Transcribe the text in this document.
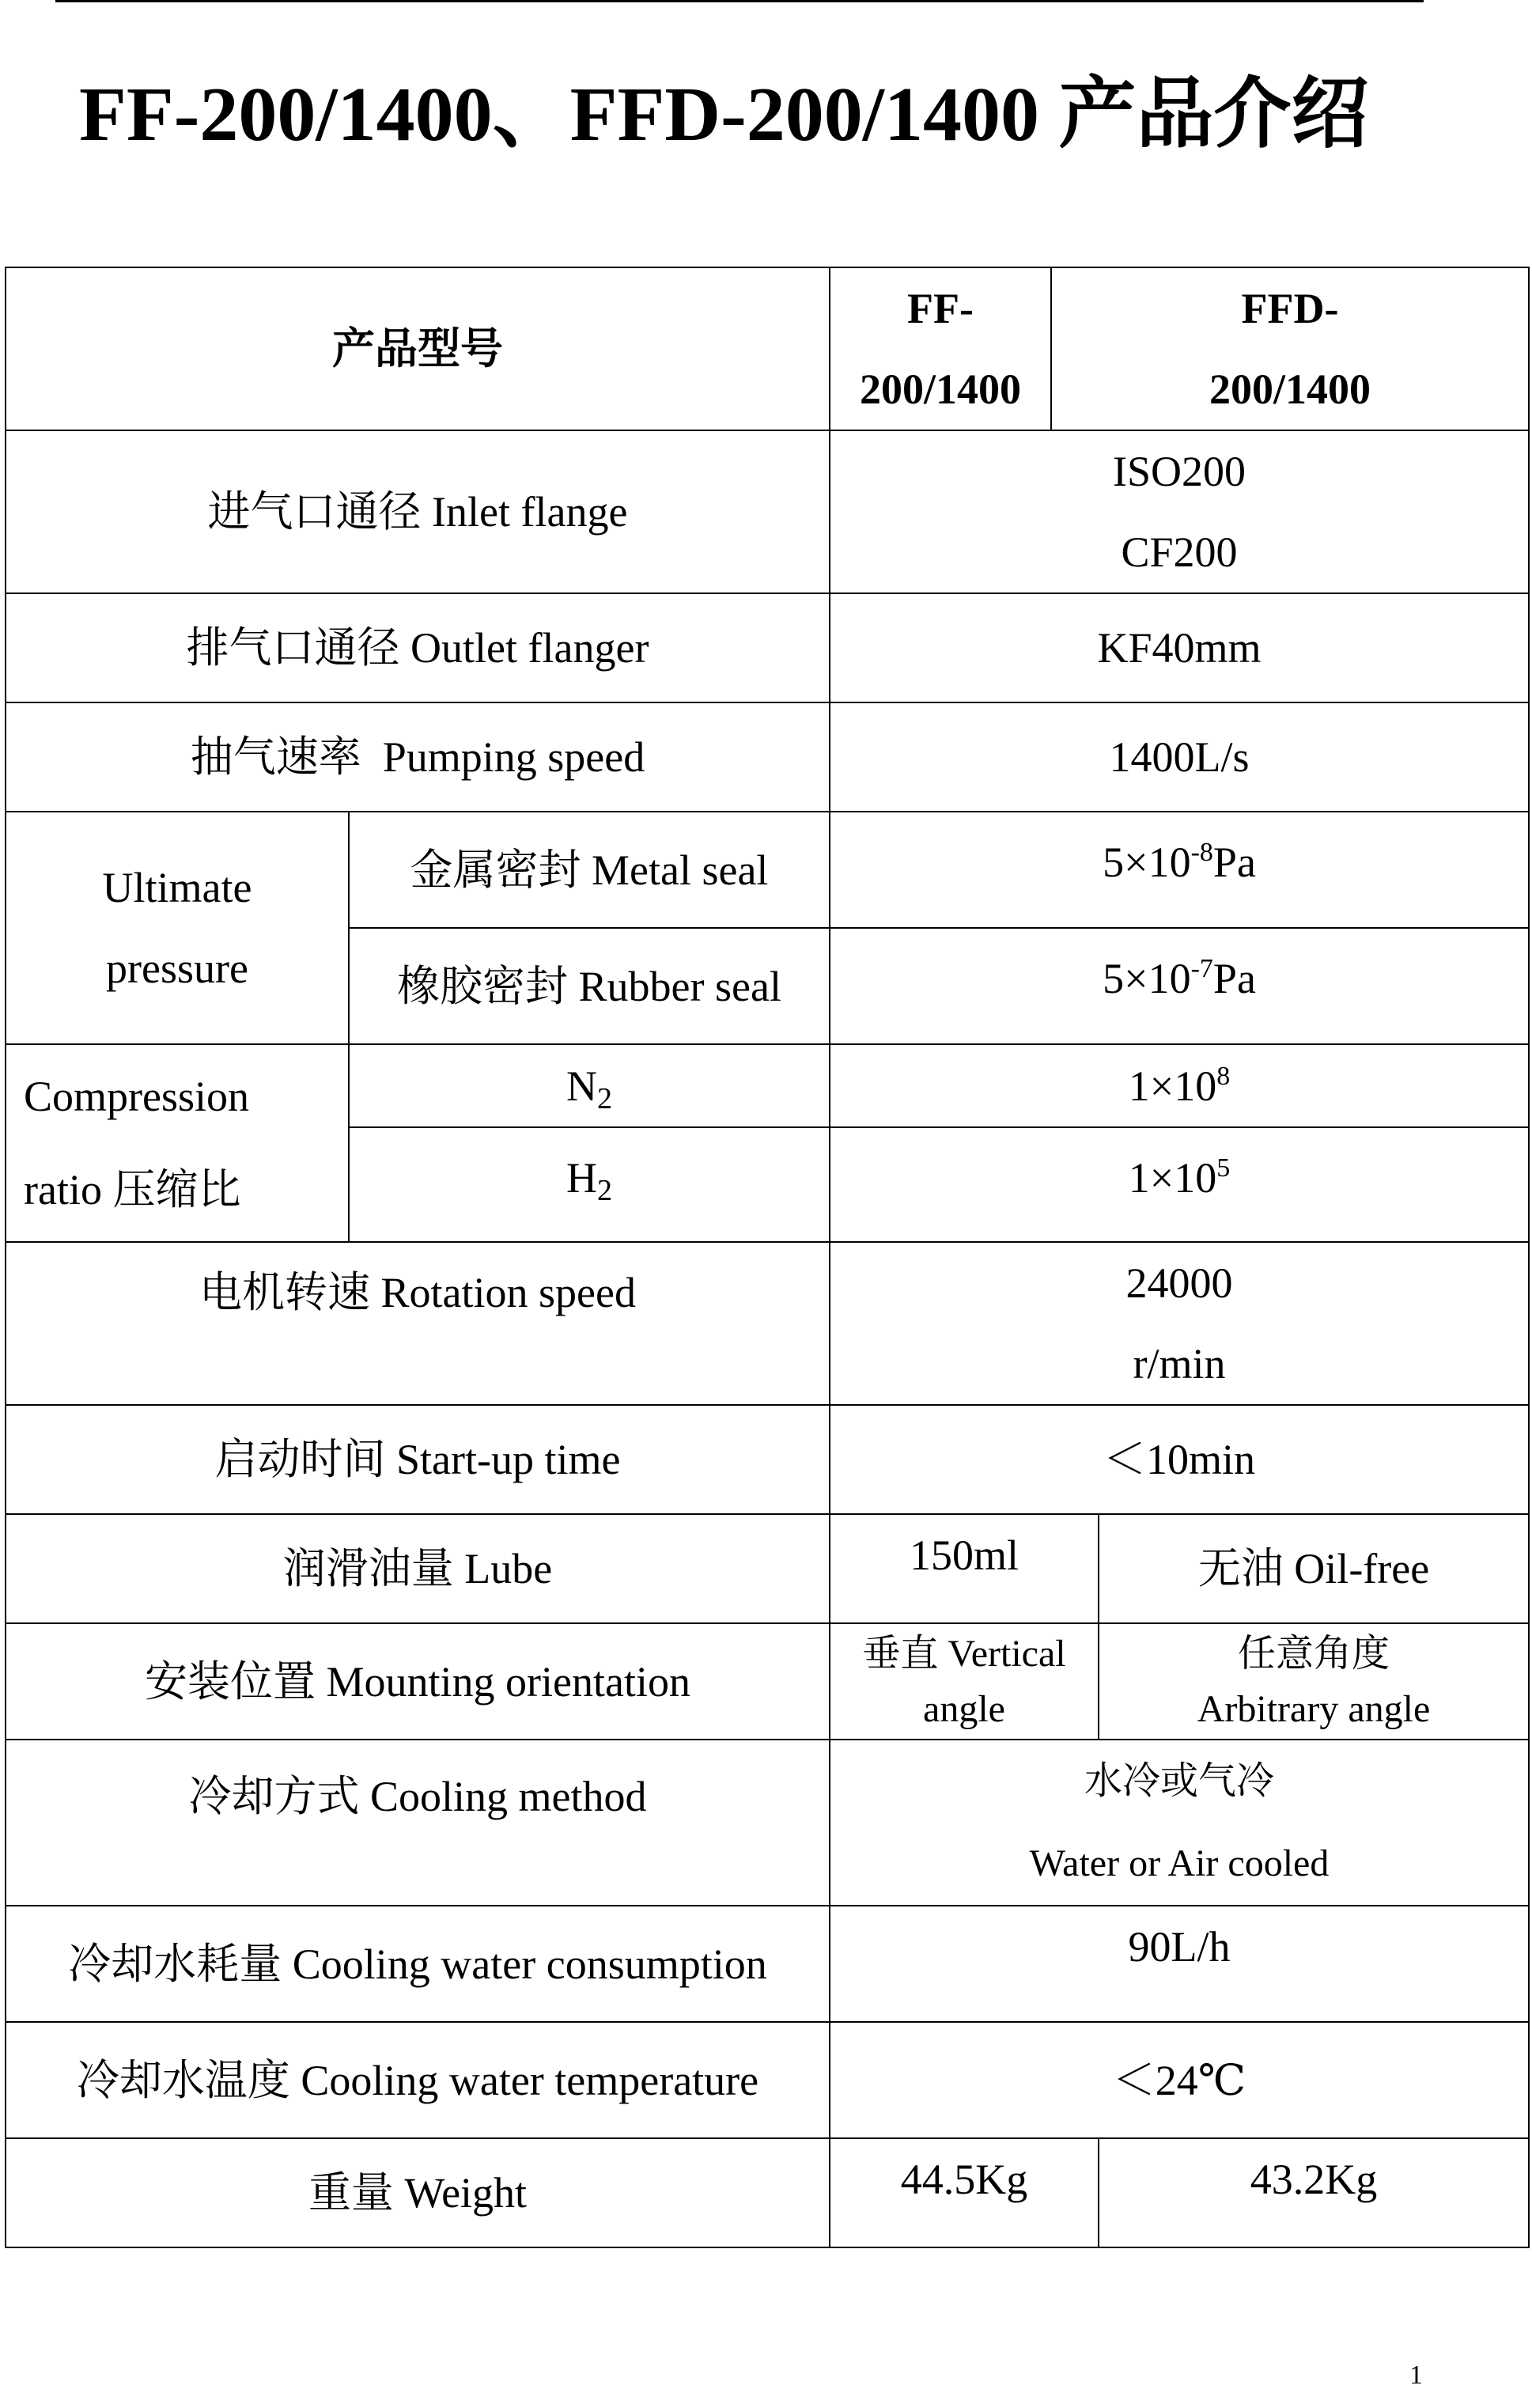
FF-200/1400、FFD-200/1400 产品介绍
产品型号		FF-
200/1400	FFD-
200/1400	

进气口通径 Inlet flange		ISO200
CF200		

排气口通径 Outlet flanger		KF40mm		
抽气速率  Pumping speed		1400L/s		

Ultimate
pressure	金属密封 Metal seal	$5\times 10^{-8}Pa$		
	橡胶密封 Rubber seal	$5\times 10^{-7}Pa$		

Compression
ratio 压缩比	$N_2$	$1\times 10^8$
	$H_2$	$1\times 10^5$
电机转速 Rotation speed		24000
r/min		

启动时间 Start-up time		＜10min		
润滑油量 Lube		150ml		无油 Oil-free
安装位置 Mounting orientation		垂直 Vertical
angle		任意角度
Arbitrary angle

冷却方式 Cooling method		水冷或气冷
Water or Air cooled		

冷却水耗量 Cooling water consumption		90L/h		
冷却水温度 Cooling water temperature		＜24℃		
重量 Weight		44.5Kg		43.2Kg
1
